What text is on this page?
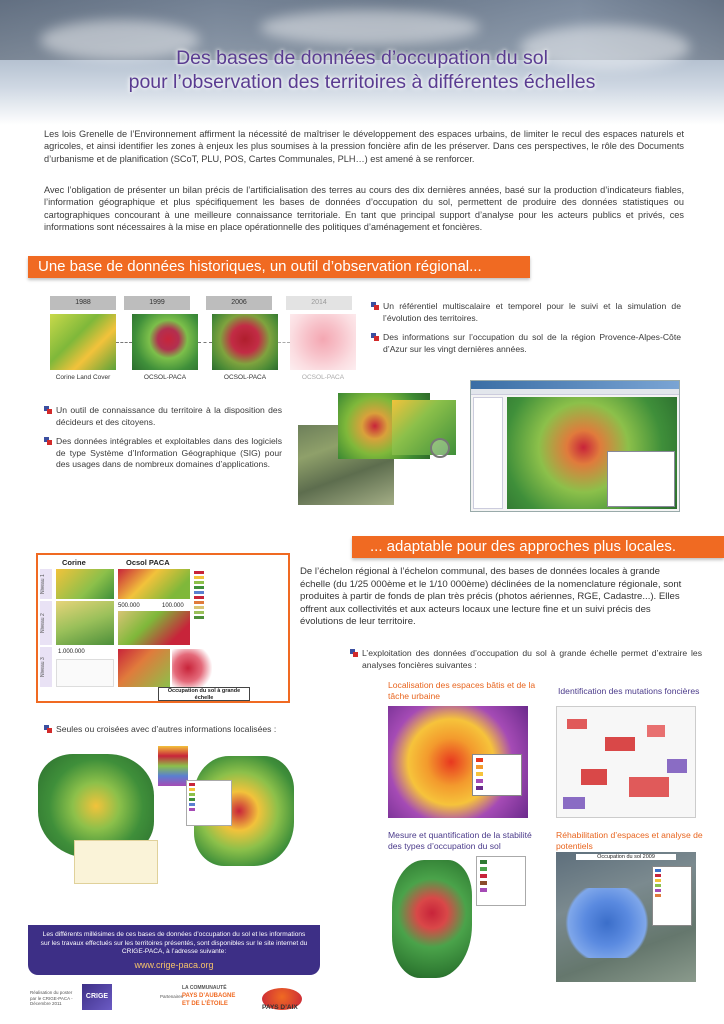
Des bases de données d’occupation du sol
pour l’observation des territoires à différentes échelles

Les lois Grenelle de l’Environnement affirment la nécessité de maîtriser le développement des espaces urbains, de limiter le recul des espaces naturels et agricoles, et ainsi identifier les zones à enjeux les plus soumises à la pression foncière afin de les préserver. Dans ces perspectives, le rôle des Documents d’urbanisme et de planification (SCoT, PLU, POS, Cartes Communales, PLH…) est amené à se renforcer.

Avec l’obligation de présenter un bilan précis de l’artificialisation des terres au cours des dix dernières années, basé sur la production d’indicateurs fiables, l’information géographique et plus spécifiquement les bases de données d’occupation du sol, permettent de produire des données statistiques ou cartographiques concourant à une meilleure connaissance territoriale. En tant que principal support d’analyse pour les acteurs publics et privés, ces informations sont nécessaires à la mise en place opérationnelle des politiques d’aménagement et foncières.

Une base de données historiques, un outil d’observation régional...
1988	1999	2006	2014
Corine Land Cover	OCSOL-PACA	OCSOL-PACA	OCSOL-PACA
Un référentiel multiscalaire et temporel pour le suivi et la simulation de l’évolution des territoires.
Des informations sur l’occupation du sol de la région Provence-Alpes-Côte d’Azur sur les vingt dernières années.
Un outil de connaissance du territoire à la disposition des décideurs et des citoyens.
Des données intégrables et exploitables dans des logiciels de type Système d’Information Géographique (SIG) pour des usages dans de nombreux domaines d’applications.
... adaptable pour des approches plus locales.
Corine	Ocsol PACA
Niveau 1
Niveau 2
Niveau 3
500.000	100.000
1.000.000
Occupation du sol à grande échelle

De l’échelon régional à l’échelon communal, des bases de données locales à grande échelle (du 1/25 000ème et le 1/10 000ème) déclinées de la nomenclature régionale, sont produites à partir de fonds de plan très précis (photos aériennes, RGE, Cadastre...). Elles offrent aux collectivités et aux acteurs locaux une lecture fine et un suivi précis des évolutions de leur territoire.

L’exploitation des données d’occupation du sol à grande échelle permet d’extraire les analyses foncières suivantes :
Localisation des espaces bâtis et de la tâche urbaine	Identification des mutations foncières
Mesure et quantification de la stabilité des types d’occupation du sol
Réhabilitation d’espaces et analyse de potentiels
Occupation du sol 2009
Seules ou croisées avec d’autres informations localisées :
Les différents millésimes de ces bases de données d’occupation du sol et les informations sur les travaux effectués sur les territoires présentés, sont disponibles sur le site internet du CRIGE-PACA, à l’adresse suivante:
www.crige-paca.org
Réalisation du poster par le CRIGE-PACA - Décembre 2011
CRIGE	Partenaires
LA COMMUNAUTÉ
PAYS D’AUBAGNE
ET DE L’ÉTOILE	PAYS D’AIX
